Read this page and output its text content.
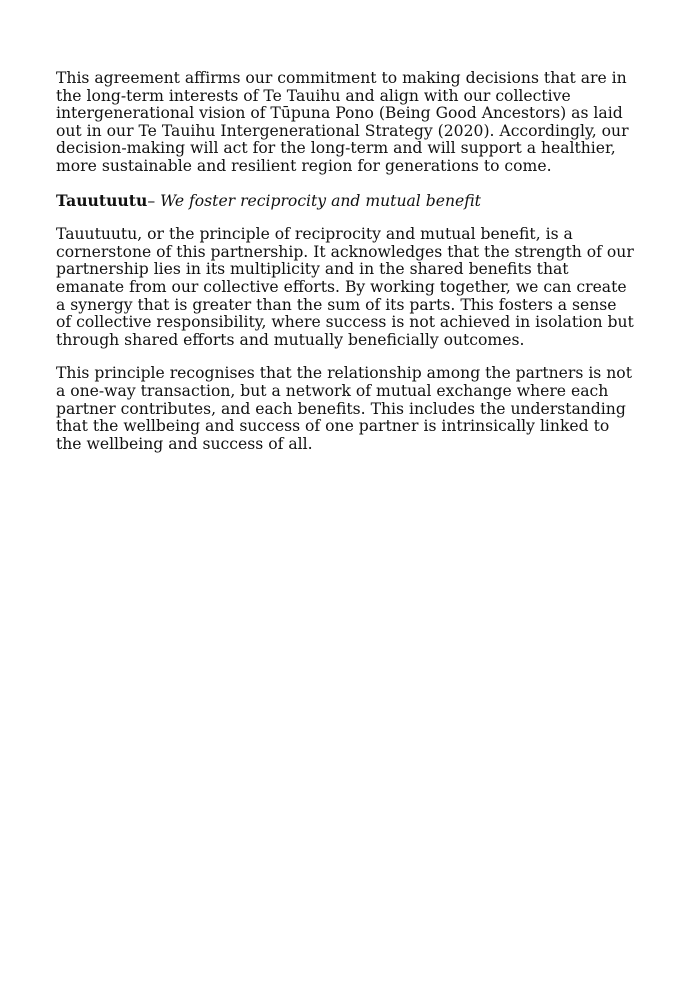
This agreement affirms our commitment to making decisions that are in the long-term interests of Te Tauihu and align with our collective intergenerational vision of Tūpuna Pono (Being Good Ancestors) as laid out in our Te Tauihu Intergenerational Strategy (2020). Accordingly, our decision-making will act for the long-term and will support a healthier, more sustainable and resilient region for generations to come.

Tauutuutu– We foster reciprocity and mutual benefit

Tauutuutu, or the principle of reciprocity and mutual benefit, is a cornerstone of this partnership. It acknowledges that the strength of our partnership lies in its multiplicity and in the shared benefits that emanate from our collective efforts. By working together, we can create a synergy that is greater than the sum of its parts. This fosters a sense of collective responsibility, where success is not achieved in isolation but through shared efforts and mutually beneficially outcomes.

This principle recognises that the relationship among the partners is not a one-way transaction, but a network of mutual exchange where each partner contributes, and each benefits. This includes the understanding that the wellbeing and success of one partner is intrinsically linked to the wellbeing and success of all.
